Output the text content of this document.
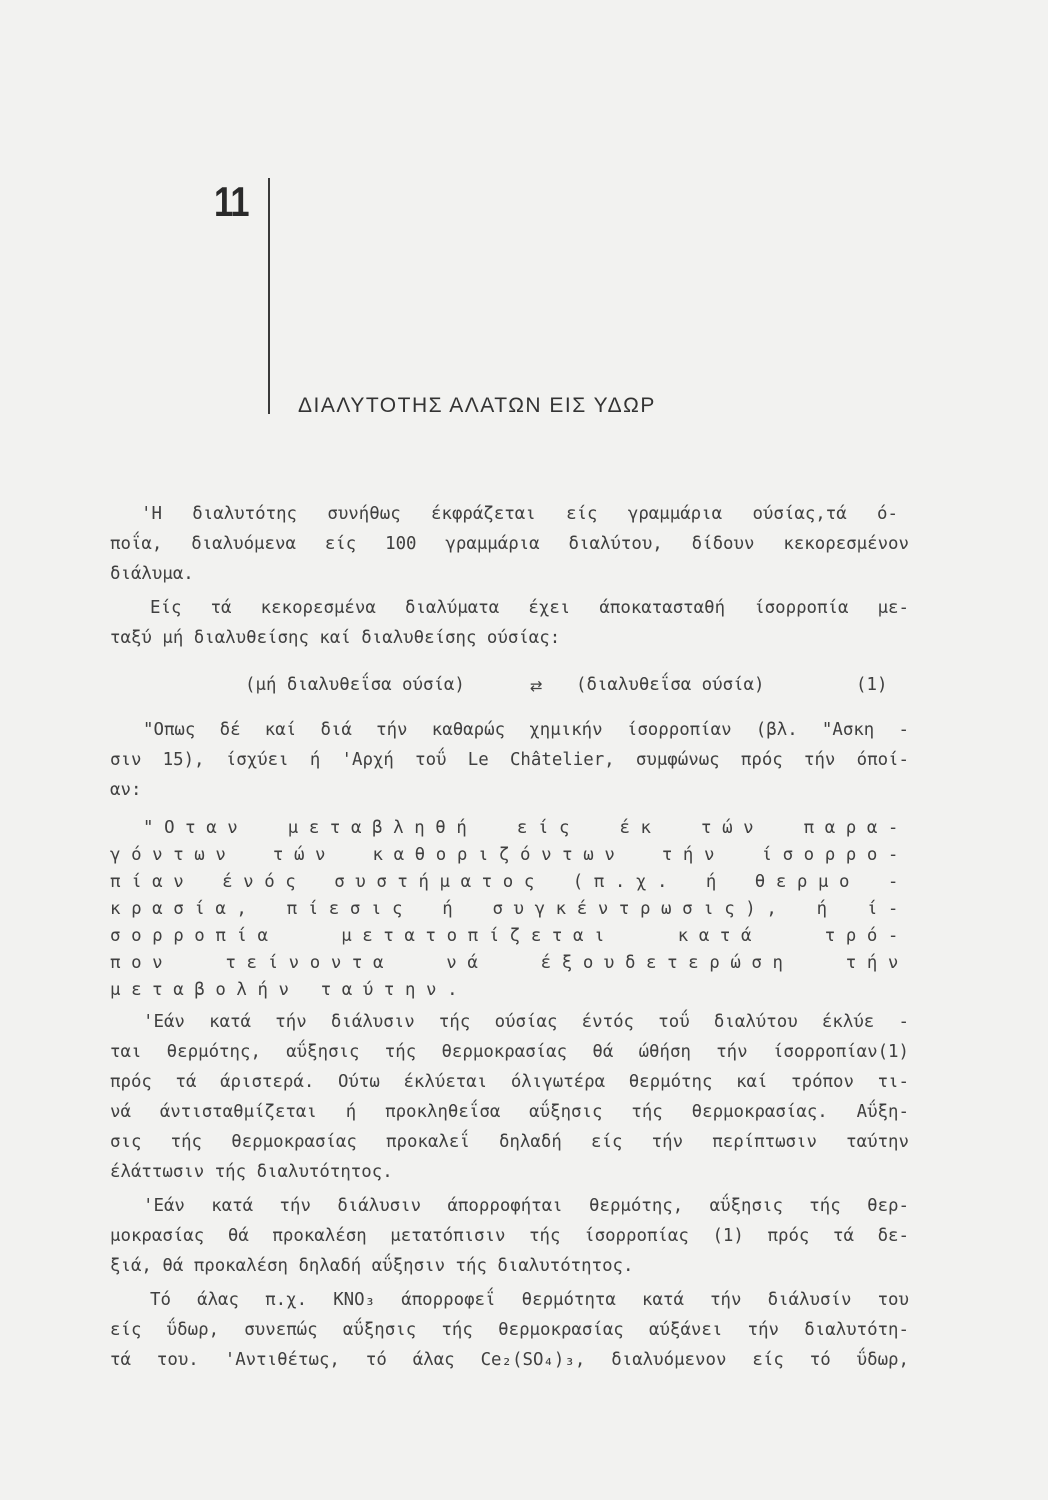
11
ΔΙΑΛΥΤΟΤΗΣ ΑΛΑΤΩΝ ΕΙΣ ΥΔΩΡ
'Η διαλυτότης συνήθως έκφράζεται είς γραμμάρια ούσίας,τά ό-
ποΐα, διαλυόμενα είς 100 γραμμάρια διαλύτου, δίδουν κεκορεσμένον
διάλυμα.
Είς τά κεκορεσμένα διαλύματα έχει άποκατασταθή ίσορροπία με-
ταξύ μή διαλυθείσης καί διαλυθείσης ούσίας:
(μή διαλυθεΐσα ούσία)	⇄ (διαλυθεΐσα ούσία)	(1)
"Οπως δέ καί διά τήν καθαρώς χημικήν ίσορροπίαν (βλ. "Ασκη -
σιν 15), ίσχύει ή 'Αρχή τοΰ Le Châtelier, συμφώνως πρός τήν όποί-
αν:
"Οταν μεταβληθή είς έκ τών παρα-
γόντων τών καθοριζόντων τήν ίσορρο-
πίαν ένός συστήματος (π.χ. ή θερμο -
κρασία, πίεσις ή συγκέντρωσις), ή ί-
σορροπία μετατοπίζεται κατά τρό-
πον τείνοντα νά έξουδετερώση τήν
μεταβολήν ταύτην.
'Εάν κατά τήν διάλυσιν τής ούσίας έντός τοΰ διαλύτου έκλύε -
ται θερμότης, αΰξησις τής θερμοκρασίας θά ώθήση τήν ίσορροπίαν(1)
πρός τά άριστερά. Ούτω έκλύεται όλιγωτέρα θερμότης καί τρόπον τι-
νά άντισταθμίζεται ή προκληθεΐσα αΰξησις τής θερμοκρασίας. Αΰξη-
σις τής θερμοκρασίας προκαλεΐ δηλαδή είς τήν περίπτωσιν ταύτην
έλάττωσιν τής διαλυτότητος.
'Εάν κατά τήν διάλυσιν άπορροφήται θερμότης, αΰξησις τής θερ-
μοκρασίας θά προκαλέση μετατόπισιν τής ίσορροπίας (1) πρός τά δε-
ξιά, θά προκαλέση δηλαδή αΰξησιν τής διαλυτότητος.
Τό άλας π.χ. KNO₃ άπορροφεΐ θερμότητα κατά τήν διάλυσίν του
είς ΰδωρ, συνεπώς αΰξησις τής θερμοκρασίας αύξάνει τήν διαλυτότη-
τά του. 'Αντιθέτως, τό άλας Ce₂(SO₄)₃, διαλυόμενον είς τό ΰδωρ,
